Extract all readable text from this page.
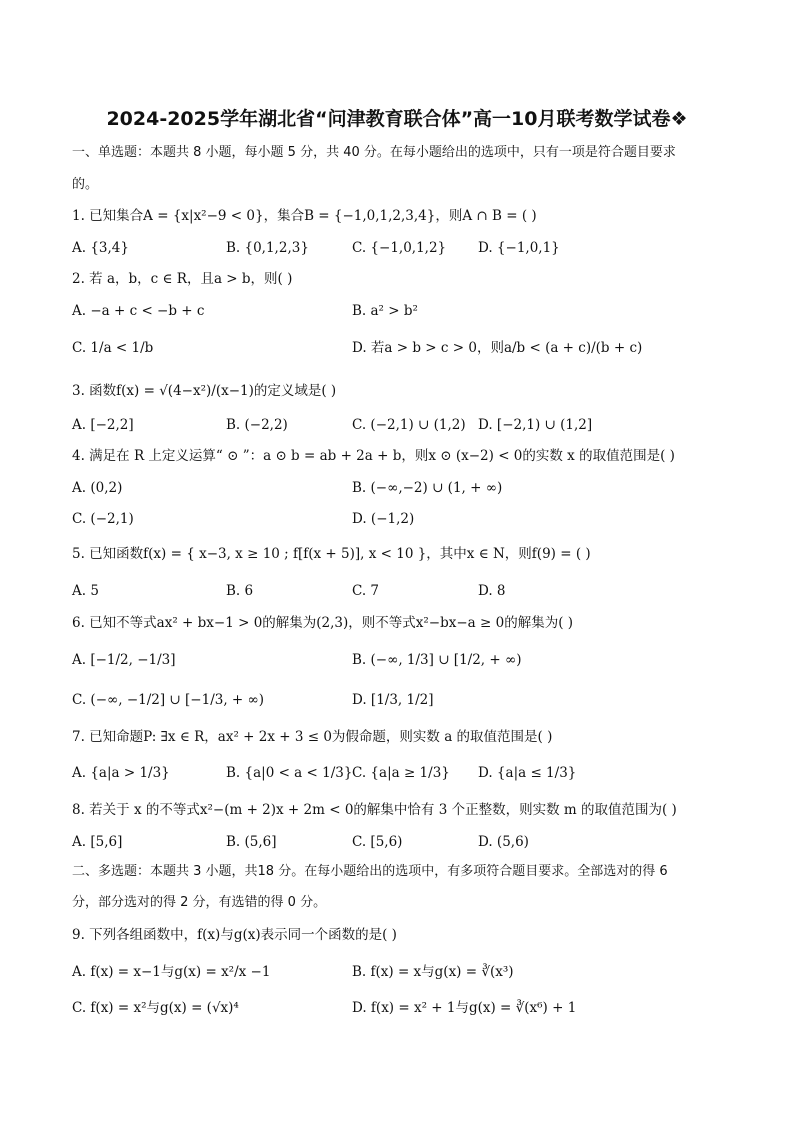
2024-2025学年湖北省“问津教育联合体”高一10月联考数学试卷❖
一、单选题：本题共 8 小题，每小题 5 分，共 40 分。在每小题给出的选项中，只有一项是符合题目要求
的。
1. 已知集合A = {x|x²−9 < 0}，集合B = {−1,0,1,2,3,4}，则A ∩ B = ( )
A. {3,4}	B. {0,1,2,3}	C. {−1,0,1,2} D. {−1,0,1}
2. 若 a，b，c ∈ R，且a > b，则( )
A. −a + c < −b + c	B. a² > b²
C. 1/a < 1/b	D. 若a > b > c > 0，则a/b < (a + c)/(b + c)
3. 函数f(x) = √(4−x²)/(x−1)的定义域是( )
A. [−2,2]	B. (−2,2)	C. (−2,1) ∪ (1,2) D. [−2,1) ∪ (1,2]
4. 满足在 R 上定义运算“ ⊙ ”：a ⊙ b = ab + 2a + b，则x ⊙ (x−2) < 0的实数 x 的取值范围是( )
A. (0,2)	B. (−∞,−2) ∪ (1, + ∞)
C. (−2,1)	D. (−1,2)
5. 已知函数f(x) = { x−3, x ≥ 10 ; f[f(x + 5)], x < 10 }，其中x ∈ N，则f(9) = ( )
A. 5	B. 6	C. 7	D. 8
6. 已知不等式ax² + bx−1 > 0的解集为(2,3)，则不等式x²−bx−a ≥ 0的解集为( )
A. [−1/2, −1/3]	B. (−∞, 1/3] ∪ [1/2, + ∞)
C. (−∞, −1/2] ∪ [−1/3, + ∞)	D. [1/3, 1/2]
7. 已知命题P: ∃x ∈ R，ax² + 2x + 3 ≤ 0为假命题，则实数 a 的取值范围是( )
A. {a|a > 1/3}	B. {a|0 < a < 1/3} C. {a|a ≥ 1/3} D. {a|a ≤ 1/3}
8. 若关于 x 的不等式x²−(m + 2)x + 2m < 0的解集中恰有 3 个正整数，则实数 m 的取值范围为( )
A. [5,6]	B. (5,6]	C. [5,6)	D. (5,6)
二、多选题：本题共 3 小题，共18 分。在每小题给出的选项中，有多项符合题目要求。全部选对的得 6
分，部分选对的得 2 分，有选错的得 0 分。
9. 下列各组函数中，f(x)与g(x)表示同一个函数的是( )
A. f(x) = x−1与g(x) = x²/x −1	B. f(x) = x与g(x) = ∛(x³)
C. f(x) = x²与g(x) = (√x)⁴	D. f(x) = x² + 1与g(x) = ∛(x⁶) + 1
